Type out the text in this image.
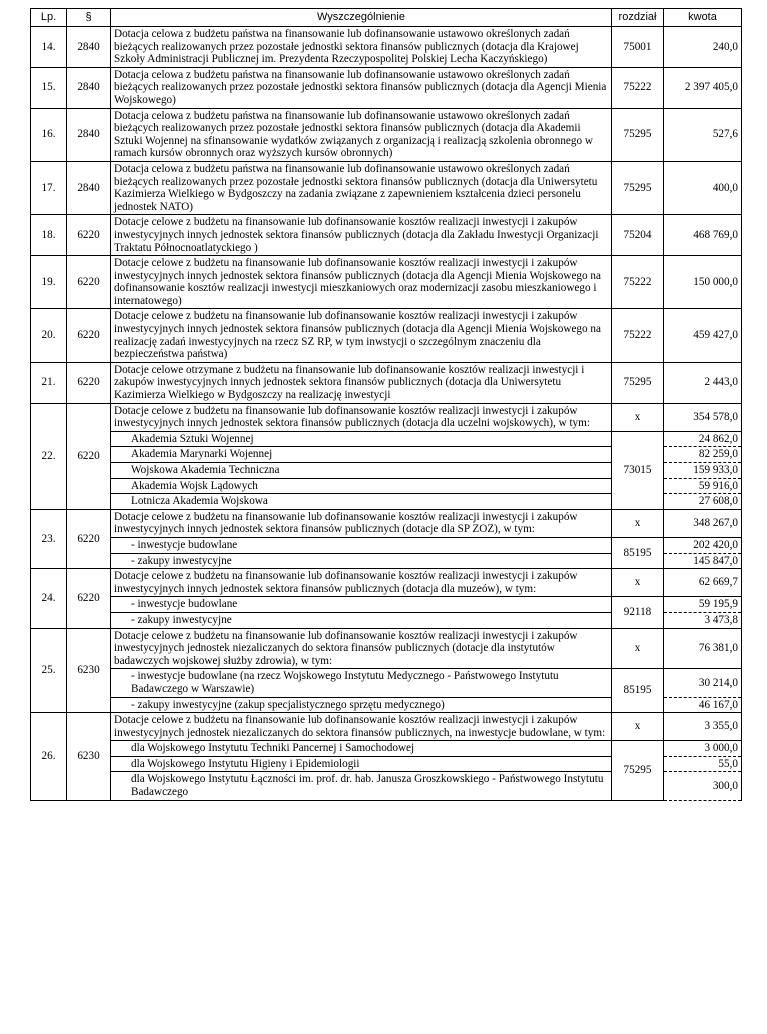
Lp.	§	Wyszczególnienie	rozdział	kwota
14.	2840	Dotacja celowa z budżetu państwa na finansowanie lub dofinansowanie ustawowo określonych zadań bieżących realizowanych przez pozostałe jednostki sektora finansów publicznych (dotacja dla Krajowej Szkoły Administracji Publicznej im. Prezydenta Rzeczypospolitej Polskiej Lecha Kaczyńskiego)	75001	240,0
15.	2840	Dotacja celowa z budżetu państwa na finansowanie lub dofinansowanie ustawowo określonych zadań bieżących realizowanych przez pozostałe jednostki sektora finansów publicznych (dotacja dla Agencji Mienia Wojskowego)	75222	2 397 405,0
16.	2840	Dotacja celowa z budżetu państwa na finansowanie lub dofinansowanie ustawowo określonych zadań bieżących realizowanych przez pozostałe jednostki sektora finansów publicznych (dotacja dla Akademii Sztuki Wojennej na sfinansowanie wydatków związanych z organizacją i realizacją szkolenia obronnego w ramach kursów obronnych oraz wyższych kursów obronnych)	75295	527,6
17.	2840	Dotacja celowa z budżetu państwa na finansowanie lub dofinansowanie ustawowo określonych zadań bieżących realizowanych przez pozostałe jednostki sektora finansów publicznych (dotacja dla Uniwersytetu Kazimierza Wielkiego w Bydgoszczy na zadania związane z zapewnieniem kształcenia dzieci personelu jednostek NATO)	75295	400,0
18.	6220	Dotacje celowe z budżetu na finansowanie lub dofinansowanie kosztów realizacji inwestycji i zakupów inwestycyjnych innych jednostek sektora finansów publicznych (dotacja dla Zakładu Inwestycji Organizacji Traktatu Północnoatlatyckiego )	75204	468 769,0
19.	6220	Dotacje celowe z budżetu na finansowanie lub dofinansowanie kosztów realizacji inwestycji i zakupów inwestycyjnych innych jednostek sektora finansów publicznych (dotacja dla Agencji Mienia Wojskowego na dofinansowanie kosztów realizacji inwestycji mieszkaniowych oraz modernizacji zasobu mieszkaniowego i internatowego)	75222	150 000,0
20.	6220	Dotacje celowe z budżetu na finansowanie lub dofinansowanie kosztów realizacji inwestycji i zakupów inwestycyjnych innych jednostek sektora finansów publicznych (dotacja dla Agencji Mienia Wojskowego na realizację zadań inwestycyjnych na rzecz SZ RP, w tym inwstycji o szczególnym znaczeniu dla bezpieczeństwa państwa)	75222	459 427,0
21.	6220	Dotacje celowe otrzymane z budżetu na finansowanie lub dofinansowanie kosztów realizacji inwestycji i zakupów inwestycyjnych innych jednostek sektora finansów publicznych (dotacja dla Uniwersytetu Kazimierza Wielkiego w Bydgoszczy na realizację inwestycji	75295	2 443,0
22.	6220	Dotacje celowe z budżetu na finansowanie lub dofinansowanie kosztów realizacji inwestycji i zakupów inwestycyjnych innych jednostek sektora finansów publicznych (dotacja dla uczelni wojskowych), w tym:	x	354 578,0
		Akademia Sztuki Wojennej	73015	24 862,0
		Akademia Marynarki Wojennej		82 259,0
		Wojskowa Akademia Techniczna		159 933,0
		Akademia Wojsk Lądowych		59 916,0
		Lotnicza Akademia Wojskowa		27 608,0
23.	6220	Dotacje celowe z budżetu na finansowanie lub dofinansowanie kosztów realizacji inwestycji i zakupów inwestycyjnych innych jednostek sektora finansów publicznych (dotacje dla SP ZOZ), w tym:	x	348 267,0
		- inwestycje budowlane	85195	202 420,0
		- zakupy inwestycyjne		145 847,0
24.	6220	Dotacje celowe z budżetu na finansowanie lub dofinansowanie kosztów realizacji inwestycji i zakupów inwestycyjnych innych jednostek sektora finansów publicznych (dotacja dla muzeów), w tym:	x	62 669,7
		- inwestycje budowlane	92118	59 195,9
		- zakupy inwestycyjne		3 473,8
25.	6230	Dotacje celowe z budżetu na finansowanie lub dofinansowanie kosztów realizacji inwestycji i zakupów inwestycyjnych jednostek niezaliczanych do sektora finansów publicznych (dotacje dla instytutów badawczych wojskowej służby zdrowia), w tym:	x	76 381,0
		- inwestycje budowlane (na rzecz Wojskowego Instytutu Medycznego - Państwowego Instytutu Badawczego w Warszawie)	85195	30 214,0
		- zakupy inwestycyjne (zakup specjalistycznego sprzętu medycznego)		46 167,0
26.	6230	Dotacje celowe z budżetu na finansowanie lub dofinansowanie kosztów realizacji inwestycji i zakupów inwestycyjnych jednostek niezaliczanych do sektora finansów publicznych, na inwestycje budowlane, w tym:	x	3 355,0
		dla Wojskowego Instytutu Techniki Pancernej i Samochodowej	75295	3 000,0
		dla Wojskowego Instytutu Higieny i Epidemiologii		55,0
		dla Wojskowego Instytutu Łączności im. prof. dr. hab. Janusza Groszkowskiego - Państwowego Instytutu Badawczego		300,0
